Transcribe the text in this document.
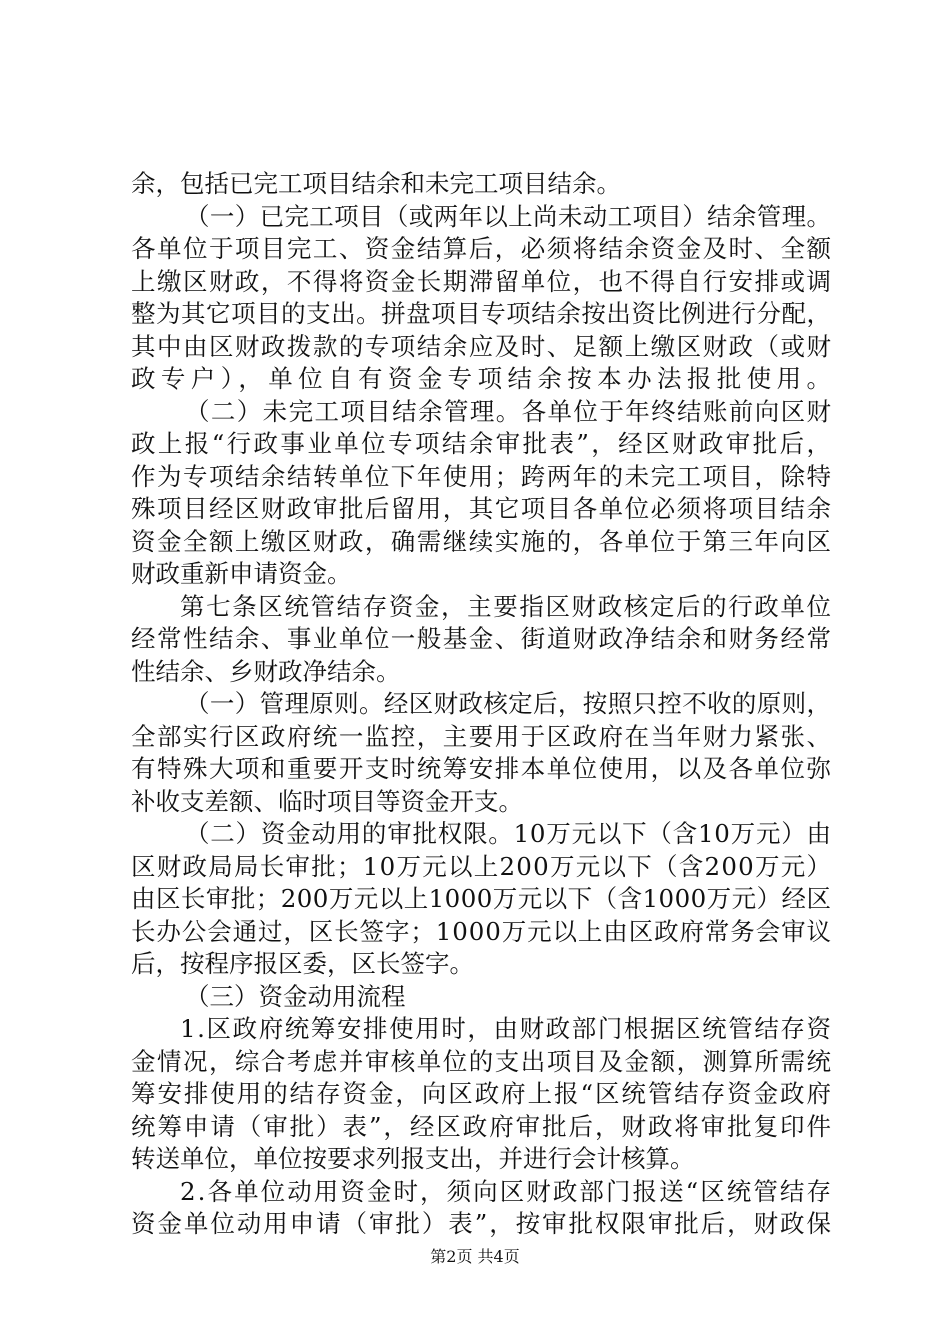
余，包括已完工项目结余和未完工项目结余。
（一）已完工项目（或两年以上尚未动工项目）结余管理。
各单位于项目完工、资金结算后，必须将结余资金及时、全额
上缴区财政，不得将资金长期滞留单位，也不得自行安排或调
整为其它项目的支出。拼盘项目专项结余按出资比例进行分配，
其中由区财政拨款的专项结余应及时、足额上缴区财政（或财
政专户），单位自有资金专项结余按本办法报批使用。
（二）未完工项目结余管理。各单位于年终结账前向区财
政上报“行政事业单位专项结余审批表”，经区财政审批后，
作为专项结余结转单位下年使用；跨两年的未完工项目，除特
殊项目经区财政审批后留用，其它项目各单位必须将项目结余
资金全额上缴区财政，确需继续实施的，各单位于第三年向区
财政重新申请资金。
第七条区统管结存资金，主要指区财政核定后的行政单位
经常性结余、事业单位一般基金、街道财政净结余和财务经常
性结余、乡财政净结余。
（一）管理原则。经区财政核定后，按照只控不收的原则，
全部实行区政府统一监控，主要用于区政府在当年财力紧张、
有特殊大项和重要开支时统筹安排本单位使用，以及各单位弥
补收支差额、临时项目等资金开支。
（二）资金动用的审批权限。10万元以下（含10万元）由
区财政局局长审批；10万元以上200万元以下（含200万元）
由区长审批；200万元以上1000万元以下（含1000万元）经区
长办公会通过，区长签字；1000万元以上由区政府常务会审议
后，按程序报区委，区长签字。
（三）资金动用流程
1.区政府统筹安排使用时，由财政部门根据区统管结存资
金情况，综合考虑并审核单位的支出项目及金额，测算所需统
筹安排使用的结存资金，向区政府上报“区统管结存资金政府
统筹申请（审批）表”，经区政府审批后，财政将审批复印件
转送单位，单位按要求列报支出，并进行会计核算。
2.各单位动用资金时，须向区财政部门报送“区统管结存
资金单位动用申请（审批）表”，按审批权限审批后，财政保
第2页 共4页
